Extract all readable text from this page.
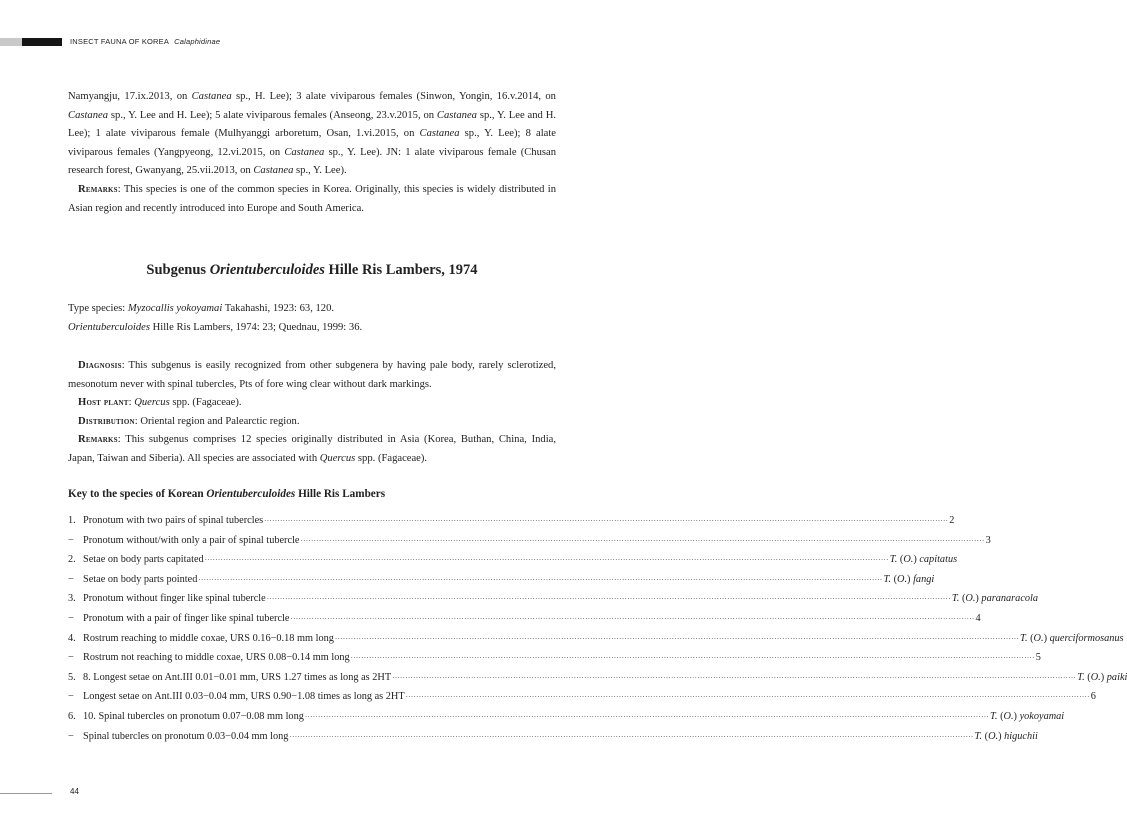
INSECT FAUNA OF KOREA Calaphidinae

Namyangju, 17.ix.2013, on Castanea sp., H. Lee); 3 alate viviparous females (Sinwon, Yongin, 16.v.2014, on Castanea sp., Y. Lee and H. Lee); 5 alate viviparous females (Anseong, 23.v.2015, on Castanea sp., Y. Lee and H. Lee); 1 alate viviparous female (Mulhyanggi arboretum, Osan, 1.vi.2015, on Castanea sp., Y. Lee); 8 alate viviparous females (Yangpyeong, 12.vi.2015, on Castanea sp., Y. Lee). JN: 1 alate viviparous female (Chusan research forest, Gwanyang, 25.vii.2013, on Castanea sp., Y. Lee).

Remarks: This species is one of the common species in Korea. Originally, this species is widely distributed in Asian region and recently introduced into Europe and South America.

Subgenus Orientuberculoides Hille Ris Lambers, 1974

Type species: Myzocallis yokoyamai Takahashi, 1923: 63, 120.

Orientuberculoides Hille Ris Lambers, 1974: 23; Quednau, 1999: 36.

Diagnosis: This subgenus is easily recognized from other subgenera by having pale body, rarely sclerotized, mesonotum never with spinal tubercles, Pts of fore wing clear without dark markings.

Host plant: Quercus spp. (Fagaceae).

Distribution: Oriental region and Palearctic region.

Remarks: This subgenus comprises 12 species originally distributed in Asia (Korea, Buthan, China, India, Japan, Taiwan and Siberia). All species are associated with Quercus spp. (Fagaceae).

Key to the species of Korean Orientuberculoides Hille Ris Lambers
1. Pronotum with two pairs of spinal tubercles ···································································································································································································································································· 2
− Pronotum without/with only a pair of spinal tubercle ···································································································································································································································································· 3
2. Setae on body parts capitated ···································································································································································································································································· T. (O.) capitatus
− Setae on body parts pointed ···································································································································································································································································· T. (O.) fangi
3. Pronotum without finger like spinal tubercle ···································································································································································································································································· T. (O.) paranaracola
− Pronotum with a pair of finger like spinal tubercle ···································································································································································································································································· 4
4. Rostrum reaching to middle coxae, URS 0.16−0.18 mm long ···································································································································································································································································· T. (O.) querciformosanus
− Rostrum not reaching to middle coxae, URS 0.08−0.14 mm long ···································································································································································································································································· 5
5. 8. Longest setae on Ant.III 0.01−0.01 mm, URS 1.27 times as long as 2HT ···································································································································································································································································· T. (O.) paiki
− Longest setae on Ant.III 0.03−0.04 mm, URS 0.90−1.08 times as long as 2HT ···································································································································································································································································· 6
6. 10. Spinal tubercles on pronotum 0.07−0.08 mm long ···································································································································································································································································· T. (O.) yokoyamai
− Spinal tubercles on pronotum 0.03−0.04 mm long ···································································································································································································································································· T. (O.) higuchii
44
